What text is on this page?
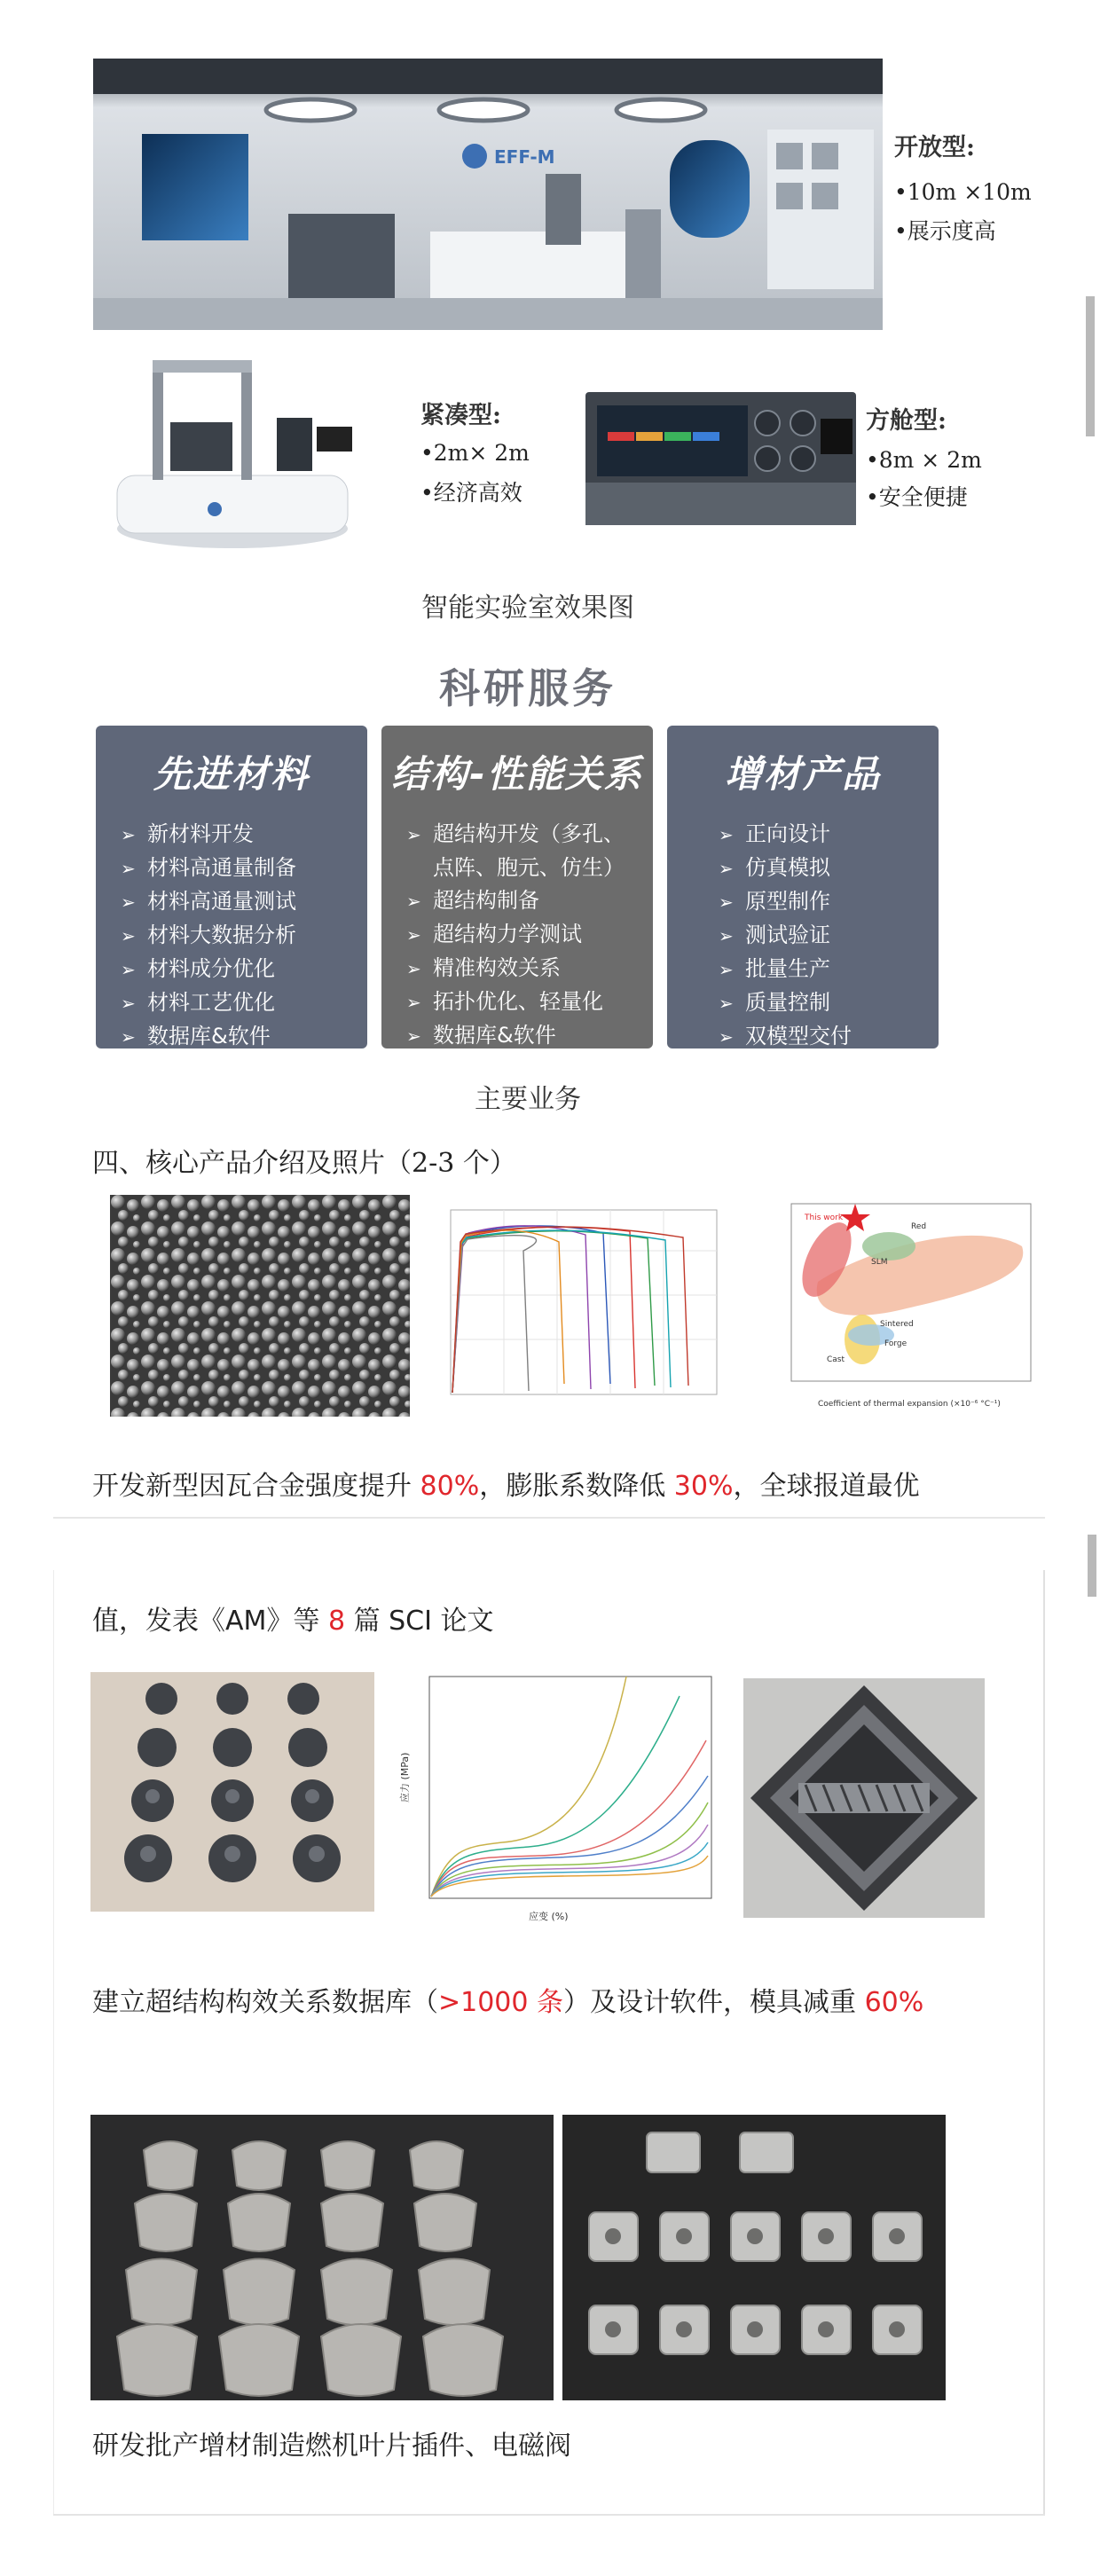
EFF-M	开放型:
•10m ×10m
•展示度高
紧凑型:
•2m× 2m
•经济高效
方舱型:
•8m × 2m
•安全便捷
智能实验室效果图
科研服务
先进材料
➢ 新材料开发
➢ 材料高通量制备
➢ 材料高通量测试
➢ 材料大数据分析
➢ 材料成分优化
➢ 材料工艺优化
➢ 数据库&软件
结构-性能关系
➢ 超结构开发（多孔、
点阵、胞元、仿生）
➢ 超结构制备
➢ 超结构力学测试
➢ 精准构效关系
➢ 拓扑优化、轻量化
➢ 数据库&软件
增材产品
➢ 正向设计
➢ 仿真模拟
➢ 原型制作
➢ 测试验证
➢ 批量生产
➢ 质量控制
➢ 双模型交付
主要业务
四、核心产品介绍及照片（2-3 个）
This work
SLM
Red
Forge
Sintered
Cast
Coefficient of thermal expansion (×10⁻⁶ °C⁻¹)
开发新型因瓦合金强度提升 80%，膨胀系数降低 30%，全球报道最优
值，发表《AM》等 8 篇 SCI 论文
应变 (%)
应力 (MPa)
建立超结构构效关系数据库（>1000 条）及设计软件，模具减重 60%
研发批产增材制造燃机叶片插件、电磁阀
